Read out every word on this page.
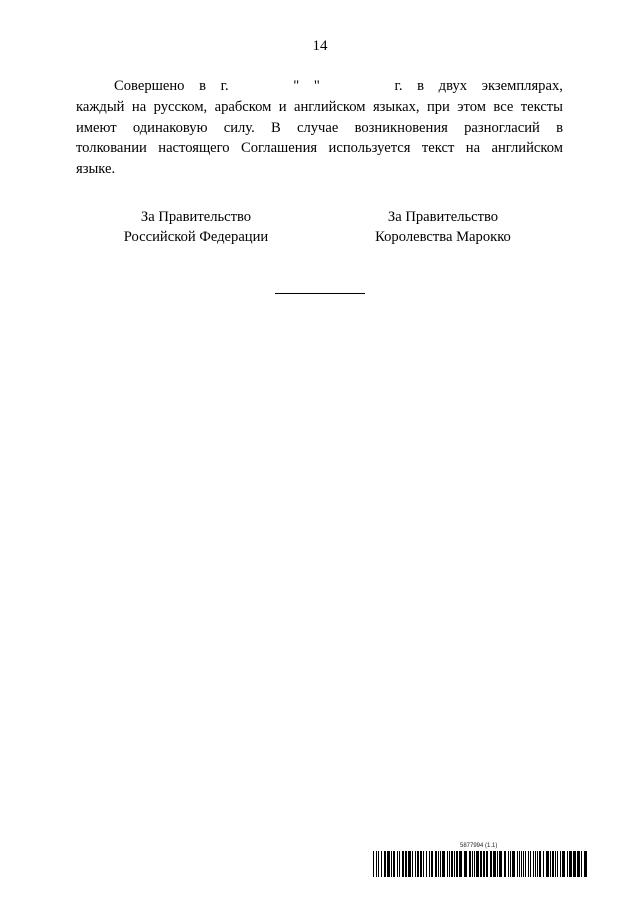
14
Совершено в г.	" "	г. в двух экземплярах,
каждый на русском, арабском и английском языках, при этом все тексты
имеют одинаковую силу. В случае возникновения разногласий в
толковании настоящего Соглашения используется текст на английском
языке.
За Правительство
Российской Федерации
За Правительство
Королевства Марокко
5877994 (1.1)
